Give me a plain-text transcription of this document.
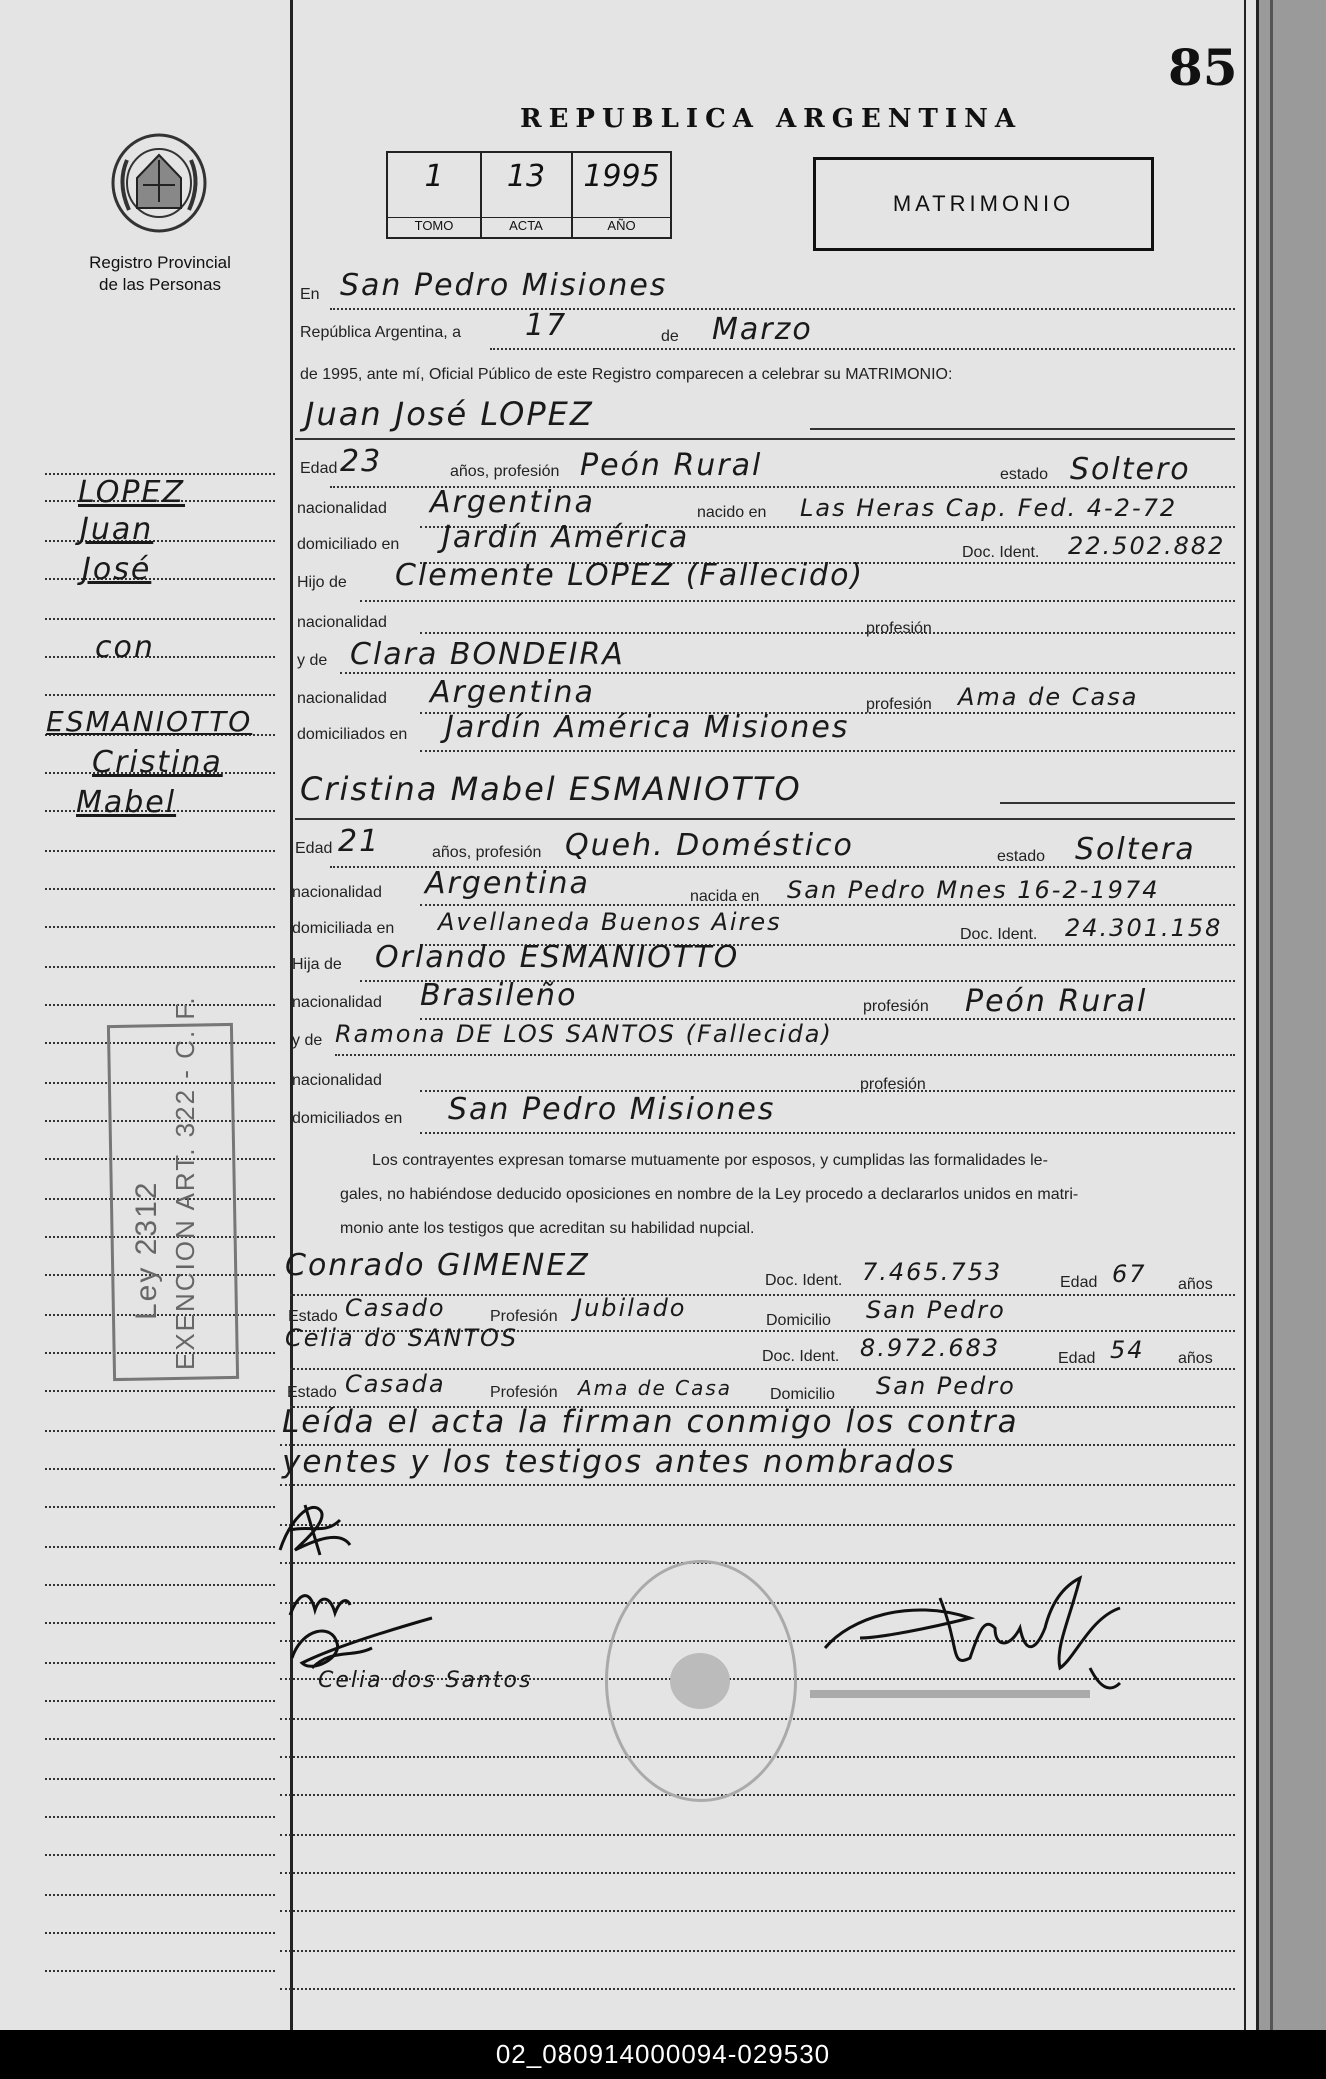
85
REPUBLICA ARGENTINA
Registro Provincial
de las Personas
1
TOMO
13
ACTA
1995
AÑO
MATRIMONIO
LOPEZ
Juan
José
con
ESMANIOTTO
Cristina
Mabel
Ley 2312 EXENCION ART. 322 - C. F.
En San Pedro Misiones
República Argentina, a 17	de Marzo
de 1995, ante mí, Oficial Público de este Registro comparecen a celebrar su MATRIMONIO:
Juan José LOPEZ
Edad 23	años, profesión Peón Rural	estado Soltero
nacionalidad Argentina	nacido en Las Heras Cap. Fed. 4-2-72
domiciliado en Jardín América	Doc. Ident. 22.502.882
Hijo de Clemente LOPEZ (Fallecido)
nacionalidad	profesión
y de Clara BONDEIRA
nacionalidad Argentina	profesión Ama de Casa
domiciliados en Jardín América Misiones
Cristina Mabel ESMANIOTTO
Edad 21	años, profesión Queh. Doméstico	estado Soltera
nacionalidad Argentina	nacida en San Pedro Mnes 16-2-1974
domiciliada en Avellaneda Buenos Aires	Doc. Ident. 24.301.158
Hija de Orlando ESMANIOTTO
nacionalidad Brasileño	profesión Peón Rural
y de Ramona DE LOS SANTOS (Fallecida)
nacionalidad	profesión
domiciliados en San Pedro Misiones
Los contrayentes expresan tomarse mutuamente por esposos, y cumplidas las formalidades le-
gales, no habiéndose deducido oposiciones en nombre de la Ley procedo a declararlos unidos en matri-
monio ante los testigos que acreditan su habilidad nupcial.
Conrado GIMENEZ	Doc. Ident. 7.465.753	Edad 67 años
Estado Casado	Profesión Jubilado	Domicilio San Pedro
Celia do SANTOS
Doc. Ident. 8.972.683	Edad 54 años
Estado Casada	Profesión Ama de Casa Domicilio San Pedro
Leída el acta la firman conmigo los contra
yentes y los testigos antes nombrados
Celia dos Santos
02_080914000094-029530
